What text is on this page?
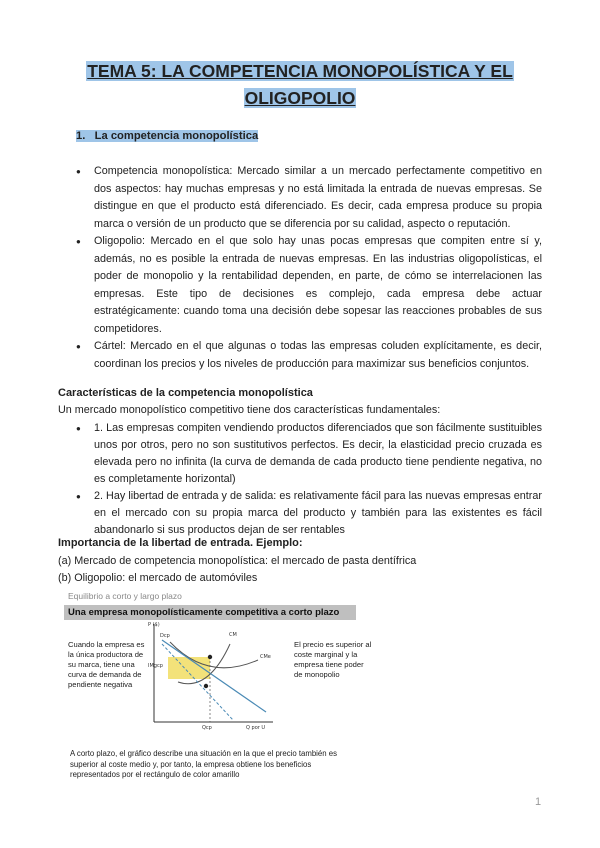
TEMA 5: LA COMPETENCIA MONOPOLÍSTICA Y EL
OLIGOPOLIO
1. La competencia monopolística
● Competencia monopolística: Mercado similar a un mercado perfectamente competitivo en dos aspectos: hay muchas empresas y no está limitada la entrada de nuevas empresas. Se distingue en que el producto está diferenciado. Es decir, cada empresa produce su propia marca o versión de un producto que se diferencia por su calidad, aspecto o reputación.
● Oligopolio: Mercado en el que solo hay unas pocas empresas que compiten entre sí y, además, no es posible la entrada de nuevas empresas. En las industrias oligopolísticas, el poder de monopolio y la rentabilidad dependen, en parte, de cómo se interrelacionen las empresas. Este tipo de decisiones es complejo, cada empresa debe actuar estratégicamente: cuando toma una decisión debe sopesar las reacciones probables de sus competidores.
● Cártel: Mercado en el que algunas o todas las empresas coluden explícitamente, es decir, coordinan los precios y los niveles de producción para maximizar sus beneficios conjuntos.
Características de la competencia monopolística
Un mercado monopolístico competitivo tiene dos características fundamentales:
● 1. Las empresas compiten vendiendo productos diferenciados que son fácilmente sustituibles unos por otros, pero no son sustitutivos perfectos. Es decir, la elasticidad precio cruzada es elevada pero no infinita (la curva de demanda de cada producto tiene pendiente negativa, no es completamente horizontal)
● 2. Hay libertad de entrada y de salida: es relativamente fácil para las nuevas empresas entrar en el mercado con su propia marca del producto y también para las existentes es fácil abandonarlo si sus productos dejan de ser rentables
Importancia de la libertad de entrada. Ejemplo:
(a) Mercado de competencia monopolística: el mercado de pasta dentífrica
(b) Oligopolio: el mercado de automóviles
Equilibrio a corto y largo plazo
Una empresa monopolísticamente competitiva a corto plazo
Cuando la empresa es la única productora de su marca, tiene una curva de demanda de pendiente negativa
El precio es superior al coste marginal y la empresa tiene poder de monopolio
P ($)
Q por U
Qcp
CM
CMe
Dcp
IMgcp
A corto plazo, el gráfico describe una situación en la que el precio también es superior al coste medio y, por tanto, la empresa obtiene los beneficios representados por el rectángulo de color amarillo
1
